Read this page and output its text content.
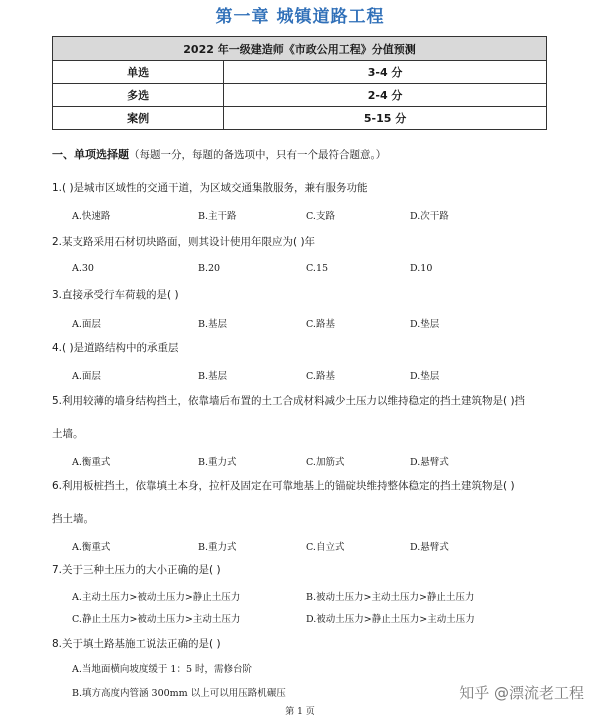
第一章 城镇道路工程
2022 年一级建造师《市政公用工程》分值预测	
单选	3-4 分
多选	2-4 分
案例	5-15 分
一、单项选择题（每题一分，每题的备选项中，只有一个最符合题意。）
1.( )是城市区域性的交通干道，为区域交通集散服务，兼有服务功能
A.快速路	B.主干路	C.支路	D.次干路
2.某支路采用石材切块路面，则其设计使用年限应为( )年
A.30	B.20	C.15	D.10
3.直接承受行车荷载的是( )
A.面层	B.基层	C.路基	D.垫层
4.( )是道路结构中的承重层
A.面层	B.基层	C.路基	D.垫层
5.利用较薄的墙身结构挡土，依靠墙后布置的土工合成材料减少土压力以维持稳定的挡土建筑物是( )挡
土墙。
A.衡重式	B.重力式	C.加筋式	D.悬臂式
6.利用板桩挡土，依靠填土本身，拉杆及固定在可靠地基上的锚碇块维持整体稳定的挡土建筑物是( )
挡土墙。
A.衡重式	B.重力式	C.自立式	D.悬臂式
7.关于三种土压力的大小正确的是( )
A.主动土压力>被动土压力>静止土压力	B.被动土压力>主动土压力>静止土压力
C.静止土压力>被动土压力>主动土压力	D.被动土压力>静止土压力>主动土压力
8.关于填土路基施工说法正确的是( )
A.当地面横向坡度缓于 1：5 时，需修台阶
B.填方高度内管涵 300mm 以上可以用压路机碾压	知乎 @漂流老工程
第 1 页
